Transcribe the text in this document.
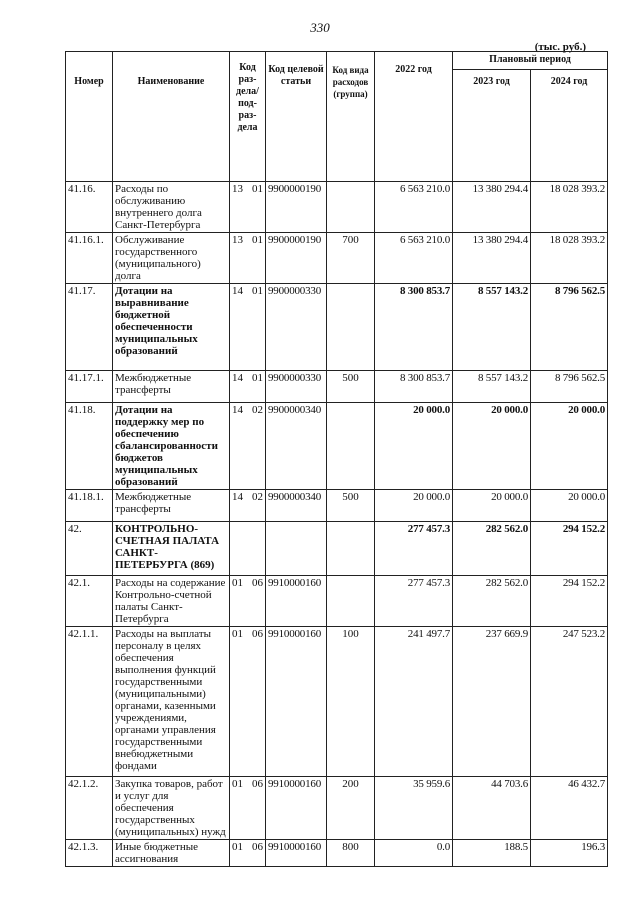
330
(тыс. руб.)
Номер	Наименование	Код раз-дела/ под-раз-дела	Код целевой статьи	Код вида расходов (группа)	2022 год	Плановый период	
						2023 год	2024 год
41.16.	Расходы по обслуживанию внутреннего долга Санкт-Петербурга	13 01	9900000190		6 563 210.0	13 380 294.4	18 028 393.2
41.16.1.	Обслуживание государственного (муниципального) долга	13 01	9900000190	700	6 563 210.0	13 380 294.4	18 028 393.2
41.17.	Дотации на выравнивание бюджетной обеспеченности муниципальных образований	14 01	9900000330		8 300 853.7	8 557 143.2	8 796 562.5
41.17.1.	Межбюджетные трансферты	14 01	9900000330	500	8 300 853.7	8 557 143.2	8 796 562.5
41.18.	Дотации на поддержку мер по обеспечению сбалансированности бюджетов муниципальных образований	14 02	9900000340		20 000.0	20 000.0	20 000.0
41.18.1.	Межбюджетные трансферты	14 02	9900000340	500	20 000.0	20 000.0	20 000.0
42.	КОНТРОЛЬНО-СЧЕТНАЯ ПАЛАТА САНКТ-ПЕТЕРБУРГА (869)				277 457.3	282 562.0	294 152.2
42.1.	Расходы на содержание Контрольно-счетной палаты Санкт-Петербурга	01 06	9910000160		277 457.3	282 562.0	294 152.2
42.1.1.	Расходы на выплаты персоналу в целях обеспечения выполнения функций государственными (муниципальными) органами, казенными учреждениями, органами управления государственными внебюджетными фондами	01 06	9910000160	100	241 497.7	237 669.9	247 523.2
42.1.2.	Закупка товаров, работ и услуг для обеспечения государственных (муниципальных) нужд	01 06	9910000160	200	35 959.6	44 703.6	46 432.7
42.1.3.	Иные бюджетные ассигнования	01 06	9910000160	800	0.0	188.5	196.3
